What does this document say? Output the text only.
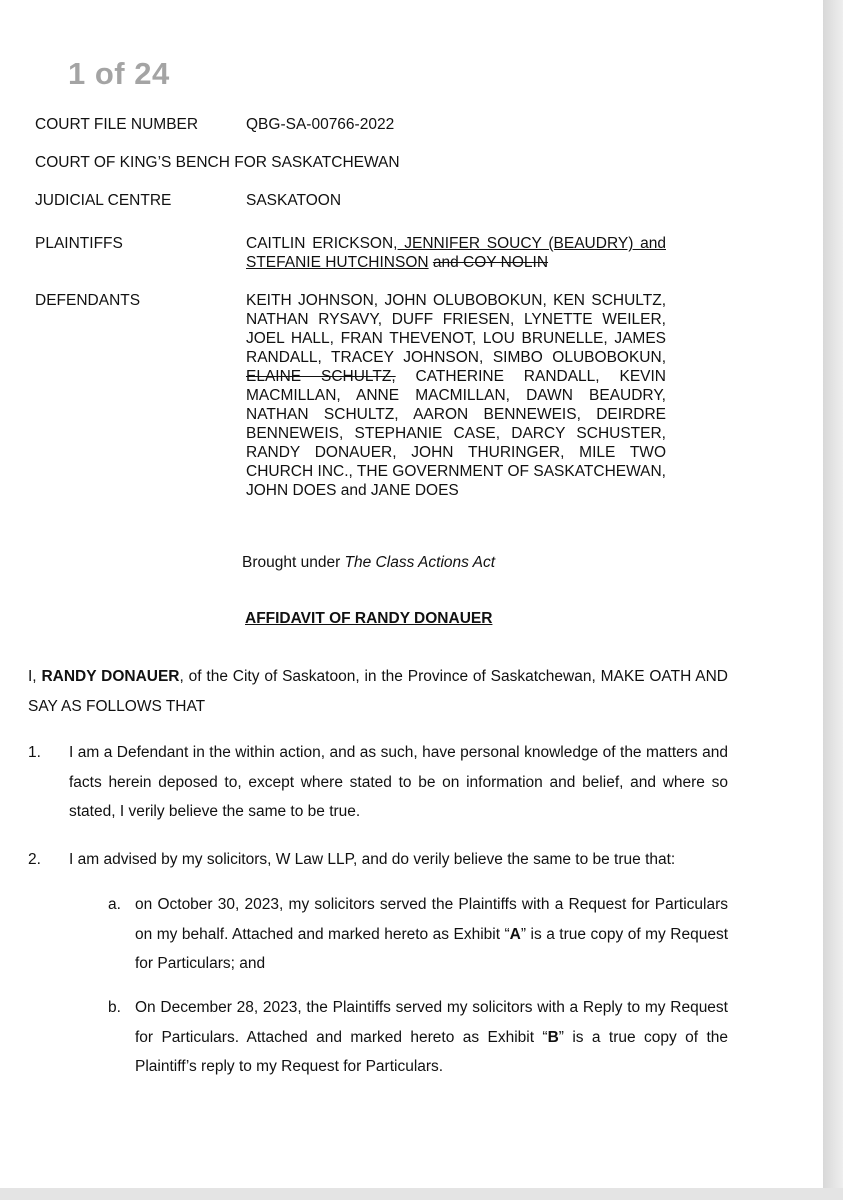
1 of 24
COURT FILE NUMBER	QBG-SA-00766-2022
COURT OF KING’S BENCH FOR SASKATCHEWAN
JUDICIAL CENTRE	SASKATOON
PLAINTIFFS	CAITLIN ERICKSON, JENNIFER SOUCY (BEAUDRY) and STEFANIE HUTCHINSON and COY NOLIN
DEFENDANTS	KEITH JOHNSON, JOHN OLUBOBOKUN, KEN SCHULTZ, NATHAN RYSAVY, DUFF FRIESEN, LYNETTE WEILER, JOEL HALL, FRAN THEVENOT, LOU BRUNELLE, JAMES RANDALL, TRACEY JOHNSON, SIMBO OLUBOBOKUN, ELAINE SCHULTZ, CATHERINE RANDALL, KEVIN MACMILLAN, ANNE MACMILLAN, DAWN BEAUDRY, NATHAN SCHULTZ, AARON BENNEWEIS, DEIRDRE BENNEWEIS, STEPHANIE CASE, DARCY SCHUSTER, RANDY DONAUER, JOHN THURINGER, MILE TWO CHURCH INC., THE GOVERNMENT OF SASKATCHEWAN, JOHN DOES and JANE DOES
Brought under The Class Actions Act
AFFIDAVIT OF RANDY DONAUER
I, RANDY DONAUER, of the City of Saskatoon, in the Province of Saskatchewan, MAKE OATH AND SAY AS FOLLOWS THAT
1. I am a Defendant in the within action, and as such, have personal knowledge of the matters and facts herein deposed to, except where stated to be on information and belief, and where so stated, I verily believe the same to be true.
2. I am advised by my solicitors, W Law LLP, and do verily believe the same to be true that:
a. on October 30, 2023, my solicitors served the Plaintiffs with a Request for Particulars on my behalf. Attached and marked hereto as Exhibit “A” is a true copy of my Request for Particulars; and
b. On December 28, 2023, the Plaintiffs served my solicitors with a Reply to my Request for Particulars. Attached and marked hereto as Exhibit “B” is a true copy of the Plaintiff’s reply to my Request for Particulars.
